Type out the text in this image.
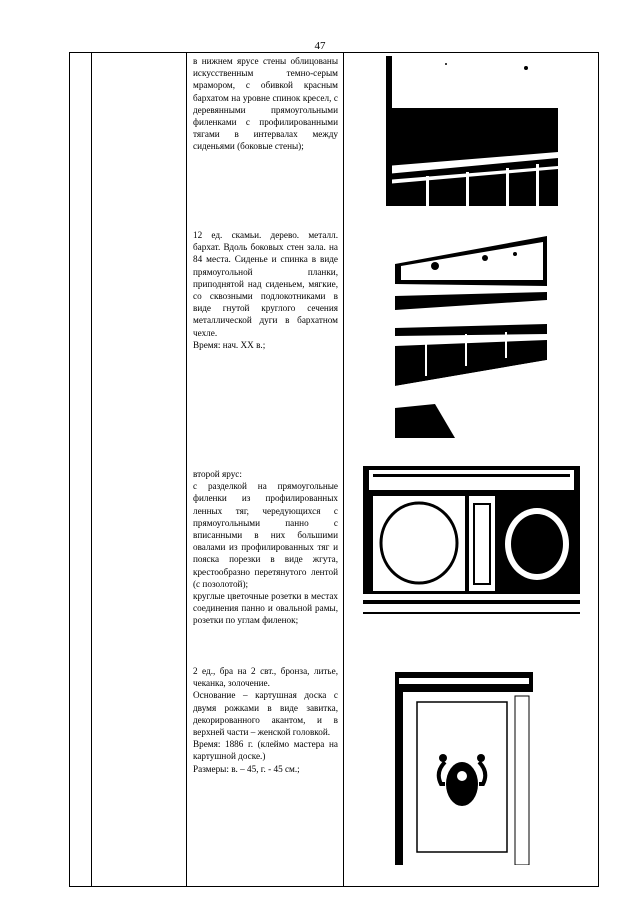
47

в нижнем ярусе стены облицованы искусственным темно-серым мрамором, с обивкой красным бархатом на уровне спинок кресел, с деревянными прямоугольными филенками с профилированными тягами в интервалах между сиденьями (боковые стены);

12 ед. скамьи. дерево. металл. бархат. Вдоль боковых стен зала. на 84 места. Сиденье и спинка в виде прямоугольной планки, приподнятой над сиденьем, мягкие, со сквозными подлокотниками в виде гнутой круглого сечения металлической дуги в бархатном чехле.

Время: нач. XX в.;

второй ярус:

с разделкой на прямоугольные филенки из профилированных ленных тяг, чередующихся с прямоугольными панно с вписанными в них большими овалами из профилированных тяг и пояска порезки в виде жгута, крестообразно перетянутого лентой (с позолотой);

круглые цветочные розетки в местах соединения панно и овальной рамы, розетки по углам филенок;

2 ед., бра на 2 свт., бронза, литье, чеканка, золочение.

Основание – картушная доска с двумя рожками в виде завитка, декорированного акантом, и в верхней части – женской головкой.

Время: 1886 г. (клеймо мастера на картушной доске.)

Размеры: в. – 45, г. - 45 см.;
